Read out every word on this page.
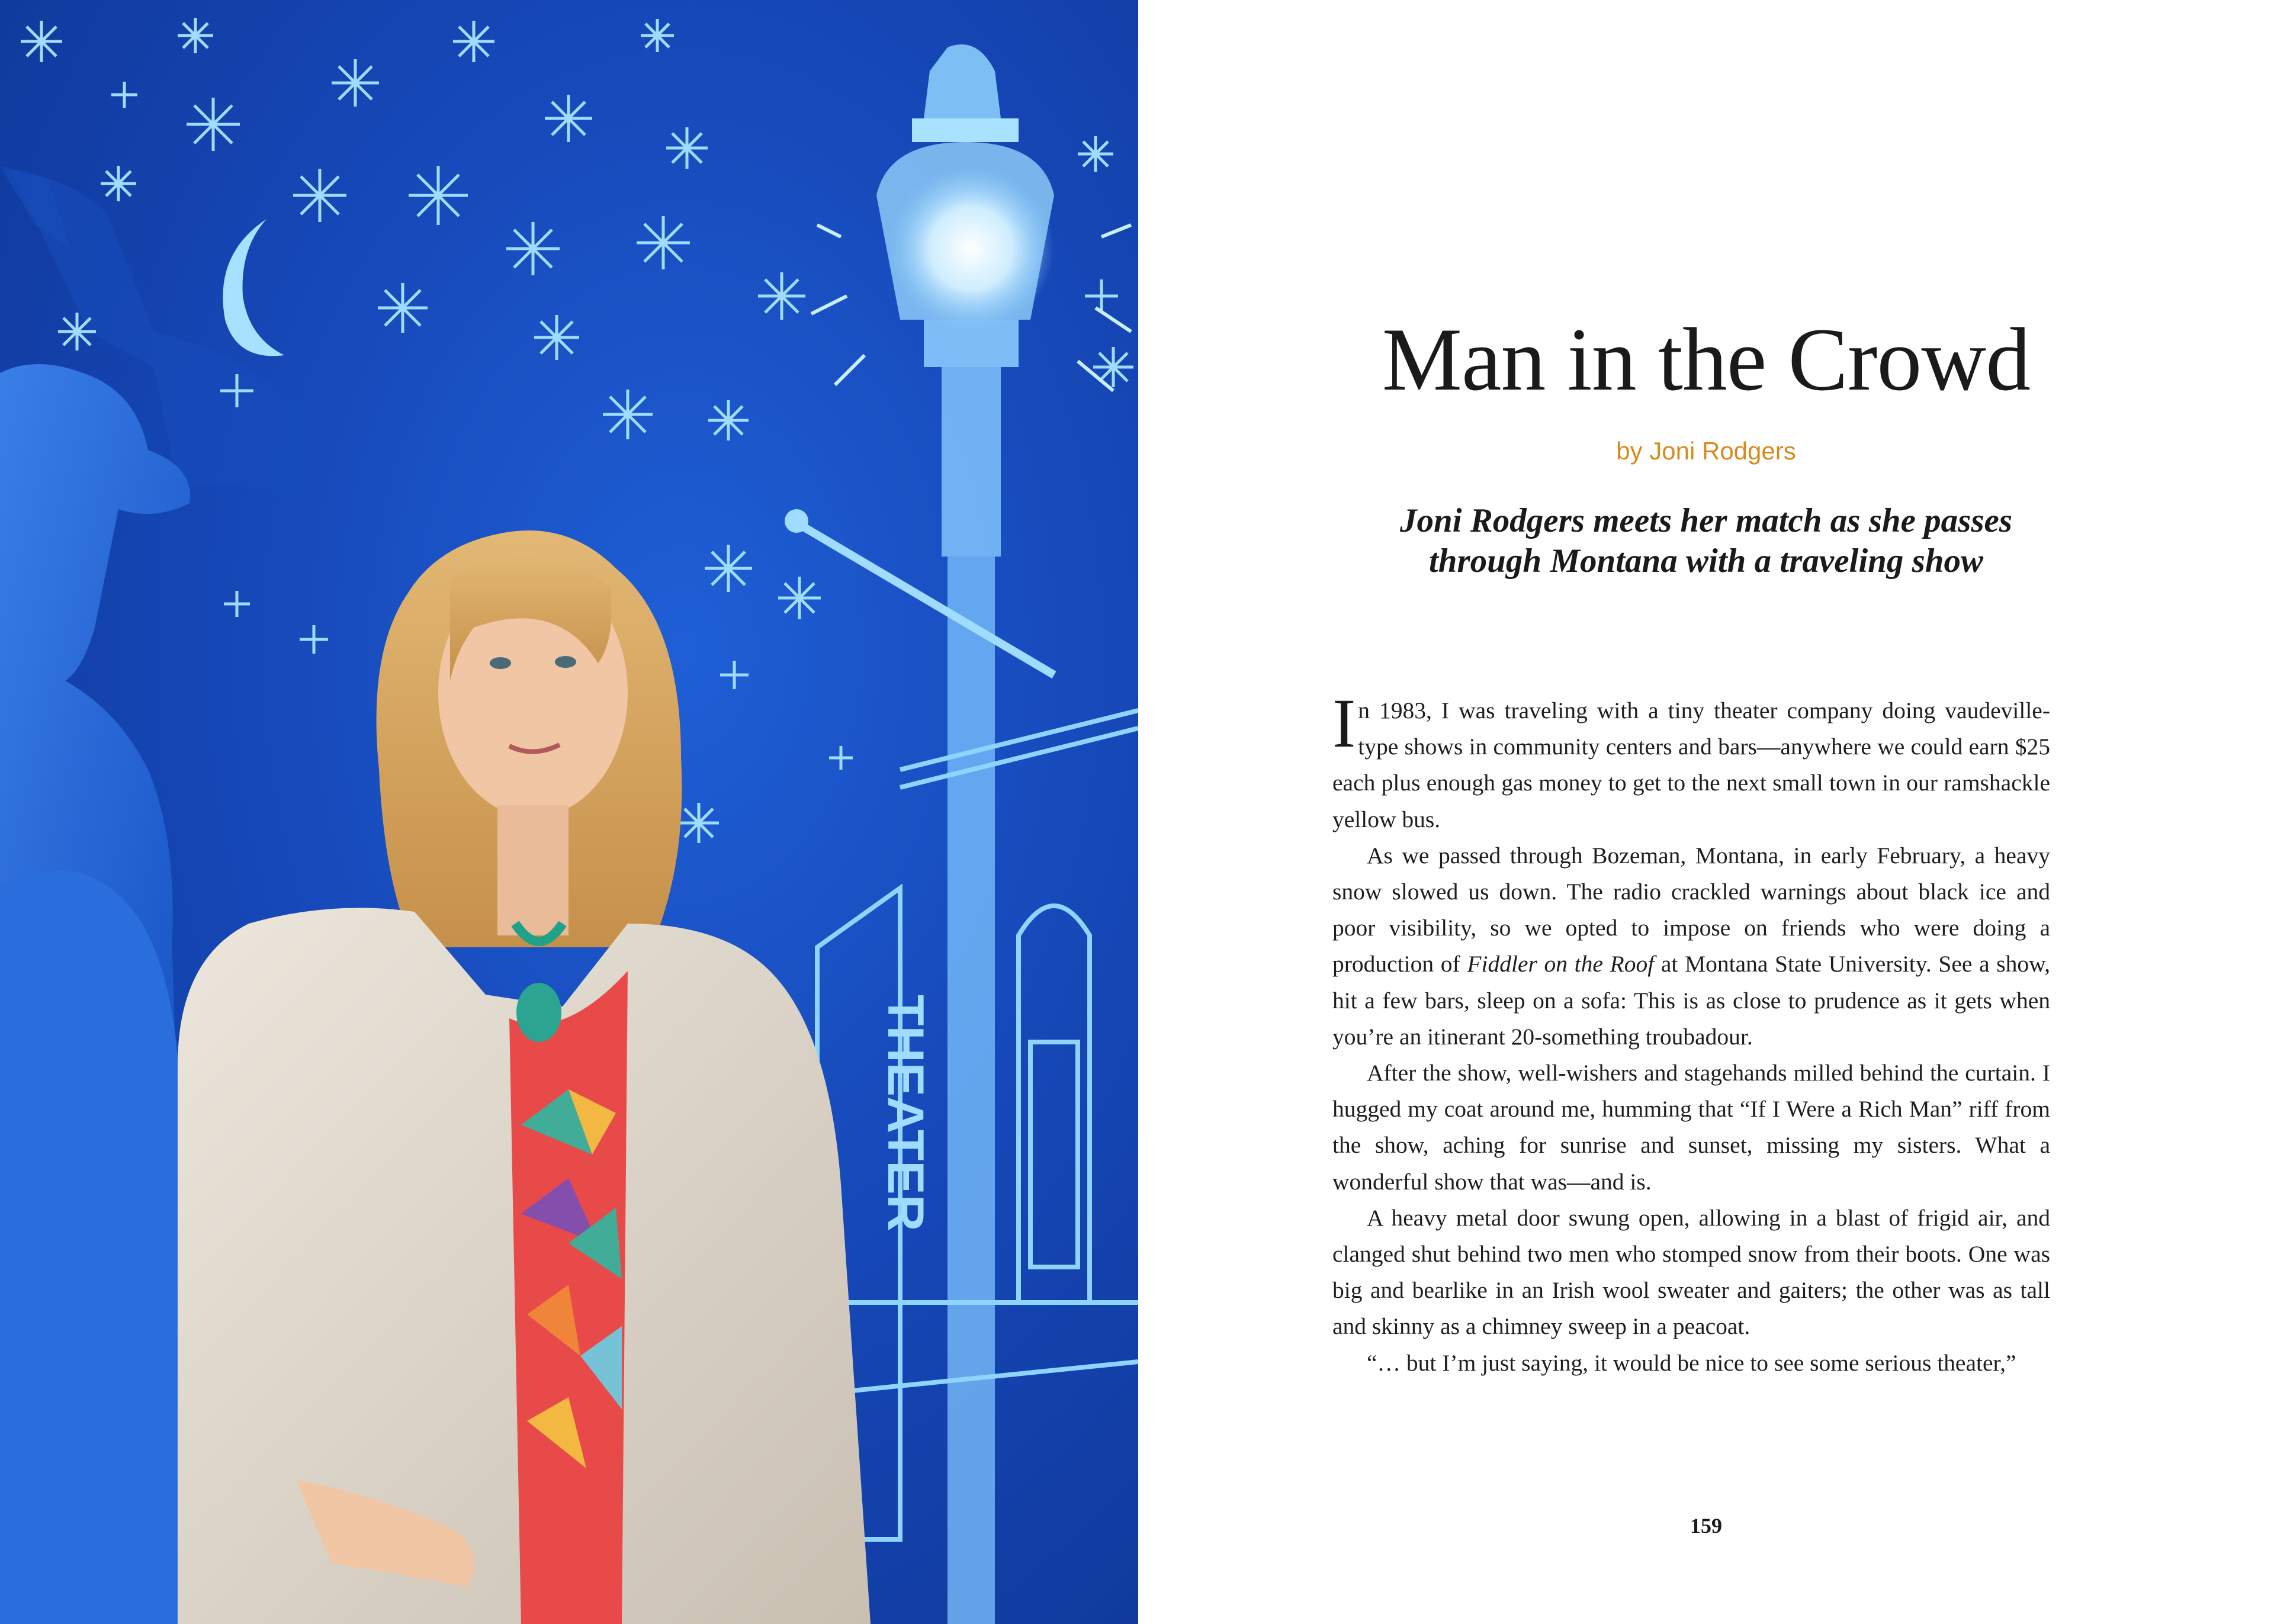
THEATER
Man in the Crowd
by Joni Rodgers
Joni Rodgers meets her match as she passes
through Montana with a traveling show

In 1983, I was traveling with a tiny theater company doing vaudeville-type shows in community centers and bars—anywhere we could earn $25 each plus enough gas money to get to the next small town in our ramshackle yellow bus.

As we passed through Bozeman, Montana, in early February, a heavy snow slowed us down. The radio crackled warnings about black ice and poor visibility, so we opted to impose on friends who were doing a production of Fiddler on the Roof at Montana State University. See a show, hit a few bars, sleep on a sofa: This is as close to prudence as it gets when you’re an itinerant 20-something troubadour.

After the show, well-wishers and stagehands milled behind the curtain. I hugged my coat around me, humming that “If I Were a Rich Man” riff from the show, aching for sunrise and sunset, missing my sisters. What a wonderful show that was—and is.

A heavy metal door swung open, allowing in a blast of frigid air, and clanged shut behind two men who stomped snow from their boots. One was big and bearlike in an Irish wool sweater and gaiters; the other was as tall and skinny as a chimney sweep in a peacoat.

“… but I’m just saying, it would be nice to see some serious theater,”

159
